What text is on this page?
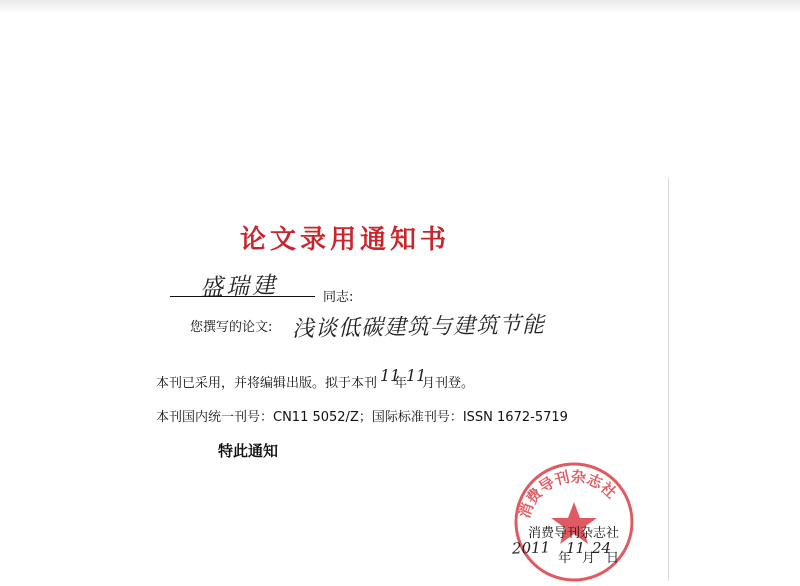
论文录用通知书
盛瑞建	同志:
您撰写的论文: 浅谈低碳建筑与建筑节能
本刊已采用，并将编辑出版。拟于本刊 11
年
11
月刊登。
本刊国内统一刊号：CN11 5052/Z；国际标准刊号：ISSN 1672-5719
特此通知
消费导刊杂志社
消费导刊杂志社
2011
年
11
月
24
日
